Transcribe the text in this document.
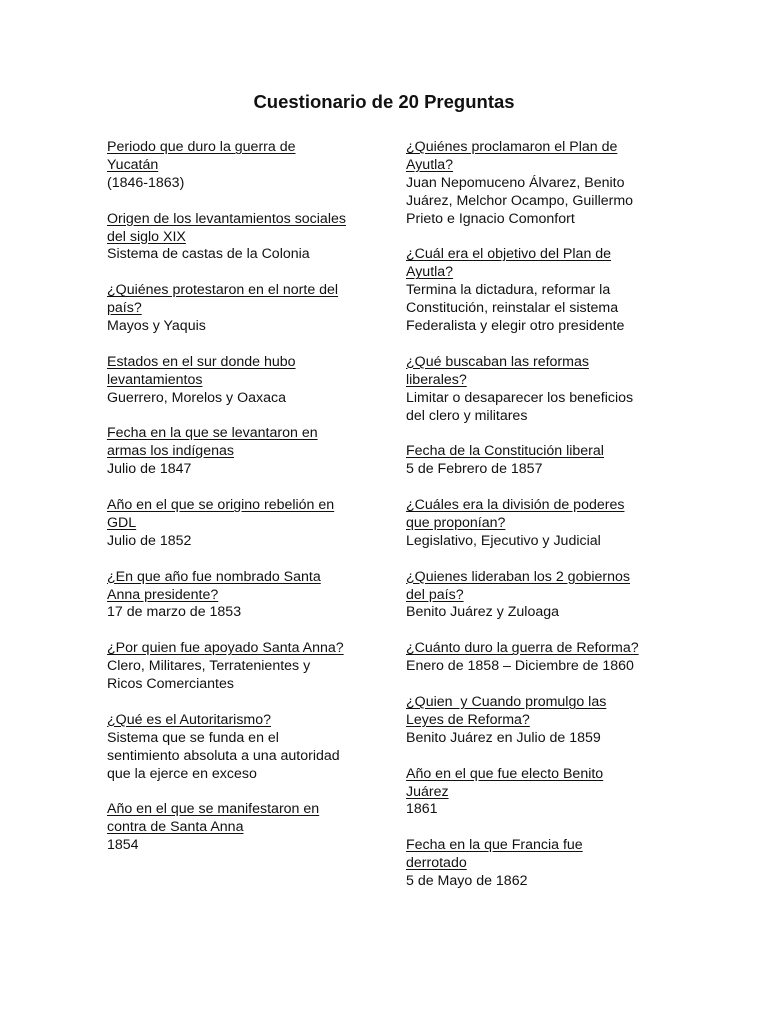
Cuestionario de 20 Preguntas
Periodo que duro la guerra de
Yucatán
(1846-1863)
Origen de los levantamientos sociales
del siglo XIX
Sistema de castas de la Colonia
¿Quiénes protestaron en el norte del
país?
Mayos y Yaquis
Estados en el sur donde hubo
levantamientos
Guerrero, Morelos y Oaxaca
Fecha en la que se levantaron en
armas los indígenas
Julio de 1847
Año en el que se origino rebelión en
GDL
Julio de 1852
¿En que año fue nombrado Santa
Anna presidente?
17 de marzo de 1853
¿Por quien fue apoyado Santa Anna?
Clero, Militares, Terratenientes y
Ricos Comerciantes
¿Qué es el Autoritarismo?
Sistema que se funda en el
sentimiento absoluta a una autoridad
que la ejerce en exceso
Año en el que se manifestaron en
contra de Santa Anna
1854
¿Quiénes proclamaron el Plan de
Ayutla?
Juan Nepomuceno Álvarez, Benito
Juárez, Melchor Ocampo, Guillermo
Prieto e Ignacio Comonfort
¿Cuál era el objetivo del Plan de
Ayutla?
Termina la dictadura, reformar la
Constitución, reinstalar el sistema
Federalista y elegir otro presidente
¿Qué buscaban las reformas
liberales?
Limitar o desaparecer los beneficios
del clero y militares
Fecha de la Constitución liberal
5 de Febrero de 1857
¿Cuáles era la división de poderes
que proponían?
Legislativo, Ejecutivo y Judicial
¿Quienes lideraban los 2 gobiernos
del país?
Benito Juárez y Zuloaga
¿Cuánto duro la guerra de Reforma?
Enero de 1858 – Diciembre de 1860
¿Quien  y Cuando promulgo las
Leyes de Reforma?
Benito Juárez en Julio de 1859
Año en el que fue electo Benito
Juárez
1861
Fecha en la que Francia fue
derrotado
5 de Mayo de 1862
